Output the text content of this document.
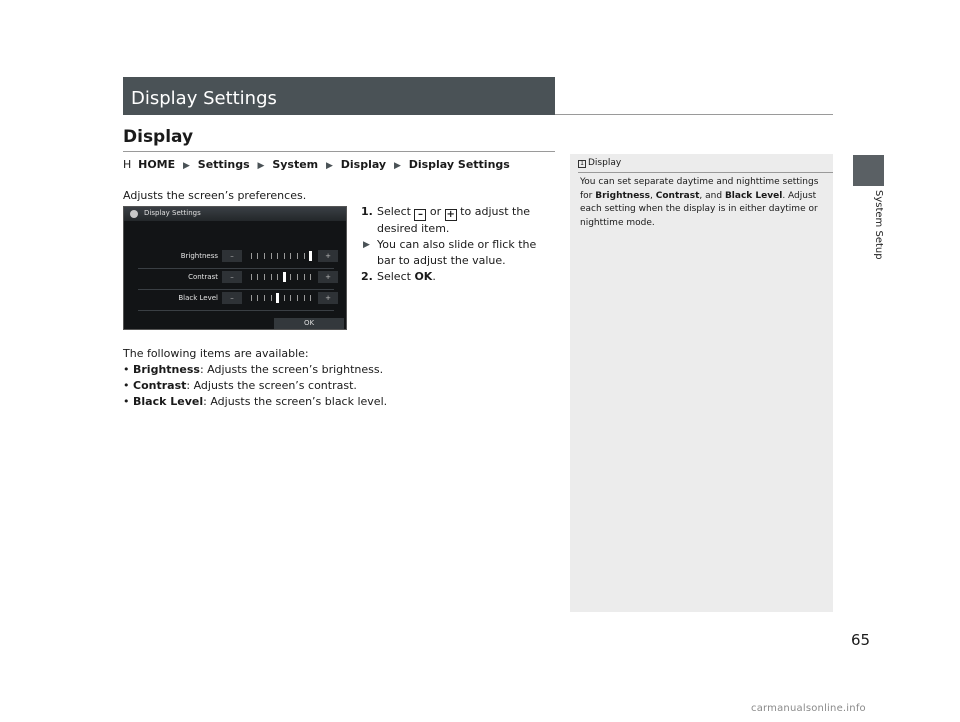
Display Settings
System Setup
Display
H HOME ▶ Settings ▶ System ▶ Display ▶ Display Settings
Adjusts the screen’s preferences.
Display Settings
Brightness	–	+
Contrast	–	+
Black Level	–	+
OK
1. Select – or + to adjust the desired item.
▶ You can also slide or flick the bar to adjust the value.
2. Select OK.
The following items are available:
• Brightness: Adjusts the screen’s brightness.
• Contrast: Adjusts the screen’s contrast.
• Black Level: Adjusts the screen’s black level.
1 Display
You can set separate daytime and nighttime settings for Brightness, Contrast, and Black Level. Adjust each setting when the display is in either daytime or nighttime mode.
65
carmanualsonline.info
